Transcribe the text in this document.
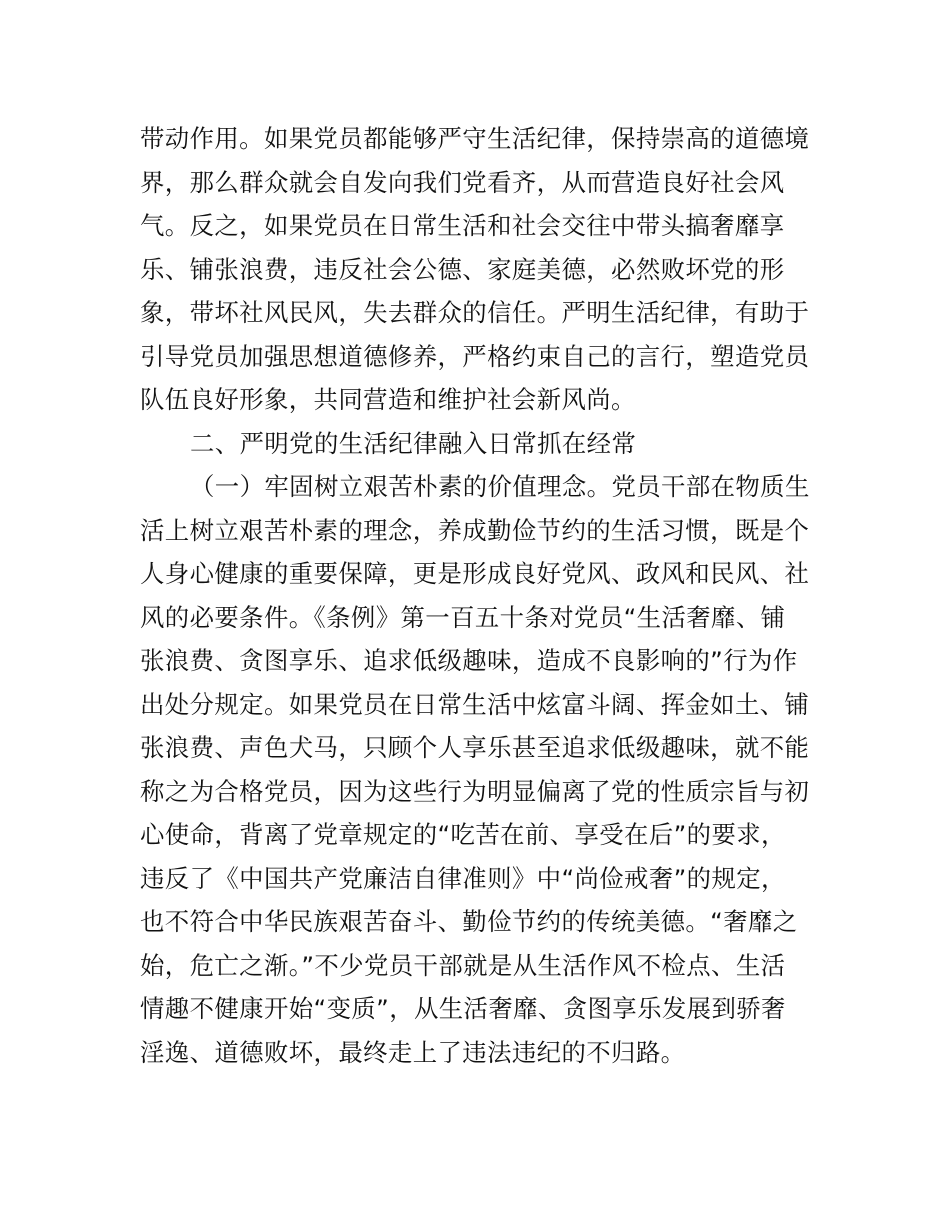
带动作用。如果党员都能够严守生活纪律，保持崇高的道德境
界，那么群众就会自发向我们党看齐，从而营造良好社会风
气。反之，如果党员在日常生活和社会交往中带头搞奢靡享
乐、铺张浪费，违反社会公德、家庭美德，必然败坏党的形
象，带坏社风民风，失去群众的信任。严明生活纪律，有助于
引导党员加强思想道德修养，严格约束自己的言行，塑造党员
队伍良好形象，共同营造和维护社会新风尚。
二、严明党的生活纪律融入日常抓在经常
（一）牢固树立艰苦朴素的价值理念。党员干部在物质生
活上树立艰苦朴素的理念，养成勤俭节约的生活习惯，既是个
人身心健康的重要保障，更是形成良好党风、政风和民风、社
风的必要条件。《条例》第一百五十条对党员“生活奢靡、铺
张浪费、贪图享乐、追求低级趣味，造成不良影响的”行为作
出处分规定。如果党员在日常生活中炫富斗阔、挥金如土、铺
张浪费、声色犬马，只顾个人享乐甚至追求低级趣味，就不能
称之为合格党员，因为这些行为明显偏离了党的性质宗旨与初
心使命，背离了党章规定的“吃苦在前、享受在后”的要求，
违反了《中国共产党廉洁自律准则》中“尚俭戒奢”的规定，
也不符合中华民族艰苦奋斗、勤俭节约的传统美德。“奢靡之
始，危亡之渐。”不少党员干部就是从生活作风不检点、生活
情趣不健康开始“变质”，从生活奢靡、贪图享乐发展到骄奢
淫逸、道德败坏，最终走上了违法违纪的不归路。
